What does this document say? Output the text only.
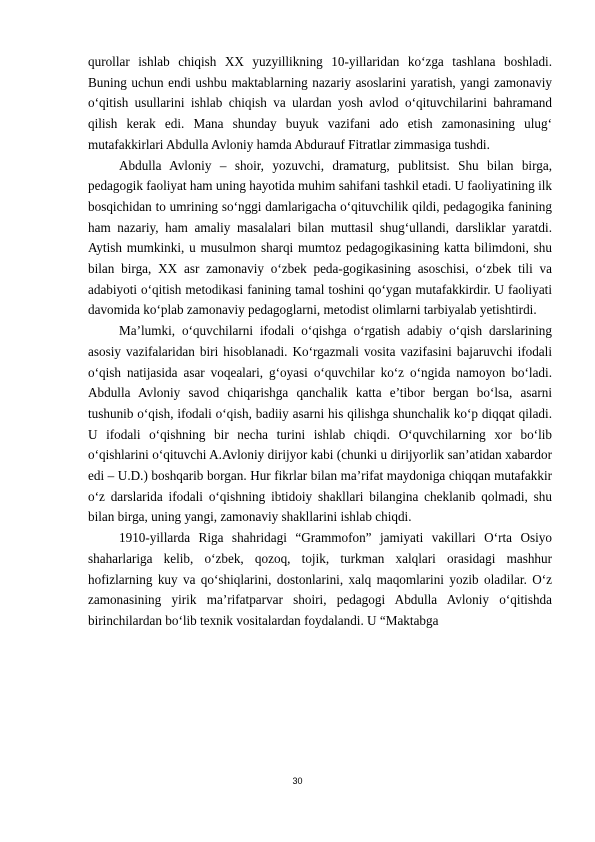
qurollar ishlab chiqish XX yuzyillikning 10-yillaridan koʻzga tashlana boshladi. Buning uchun endi ushbu maktablarning nazariy asoslarini yaratish, yangi zamonaviy oʻqitish usullarini ishlab chiqish va ulardan yosh avlod oʻqituvchilarini bahramand qilish kerak edi. Mana shunday buyuk vazifani ado etish zamonasining ulugʻ mutafakkirlari Abdulla Avloniy hamda Abdurauf Fitratlar zimmasiga tushdi.

Abdulla Avloniy – shoir, yozuvchi, dramaturg, publitsist. Shu bilan birga, pedagogik faoliyat ham uning hayotida muhim sahifani tashkil etadi. U faoliyatining ilk bosqichidan to umrining soʻnggi damlarigacha oʻqituvchilik qildi, pedagogika fanining ham nazariy, ham amaliy masalalari bilan muttasil shugʻullandi, darsliklar yaratdi. Aytish mumkinki, u musulmon sharqi mumtoz pedagogikasining katta bilimdoni, shu bilan birga, XX asr zamonaviy oʻzbek peda-gogikasining asoschisi, oʻzbek tili va adabiyoti oʻqitish metodikasi fanining tamal toshini qoʻygan mutafakkirdir. U faoliyati davomida koʻplab zamonaviy pedagoglarni, metodist olimlarni tarbiyalab yetishtirdi.

Ma’lumki, oʻquvchilarni ifodali oʻqishga oʻrgatish adabiy oʻqish darslarining asosiy vazifalaridan biri hisoblanadi. Koʻrgazmali vosita vazifasini bajaruvchi ifodali oʻqish natijasida asar voqealari, gʻoyasi oʻquvchilar koʻz oʻngida namoyon boʻladi. Abdulla Avloniy savod chiqarishga qanchalik katta e’tibor bergan boʻlsa, asarni tushunib oʻqish, ifodali oʻqish, badiiy asarni his qilishga shunchalik koʻp diqqat qiladi. U ifodali oʻqishning bir necha turini ishlab chiqdi. Oʻquvchilarning xor boʻlib oʻqishlarini oʻqituvchi A.Avloniy dirijyor kabi (chunki u dirijyorlik san’atidan xabardor edi – U.D.) boshqarib borgan. Hur fikrlar bilan ma’rifat maydoniga chiqqan mutafakkir oʻz darslarida ifodali oʻqishning ibtidoiy shakllari bilangina cheklanib qolmadi, shu bilan birga, uning yangi, zamonaviy shakllarini ishlab chiqdi.

1910-yillarda Riga shahridagi “Grammofon” jamiyati vakillari Oʻrta Osiyo shaharlariga kelib, oʻzbek, qozoq, tojik, turkman xalqlari orasidagi mashhur hofizlarning kuy va qoʻshiqlarini, dostonlarini, xalq maqomlarini yozib oladilar. Oʻz zamonasining yirik ma’rifatparvar shoiri, pedagogi Abdulla Avloniy oʻqitishda birinchilardan boʻlib texnik vositalardan foydalandi. U “Maktabga

30
